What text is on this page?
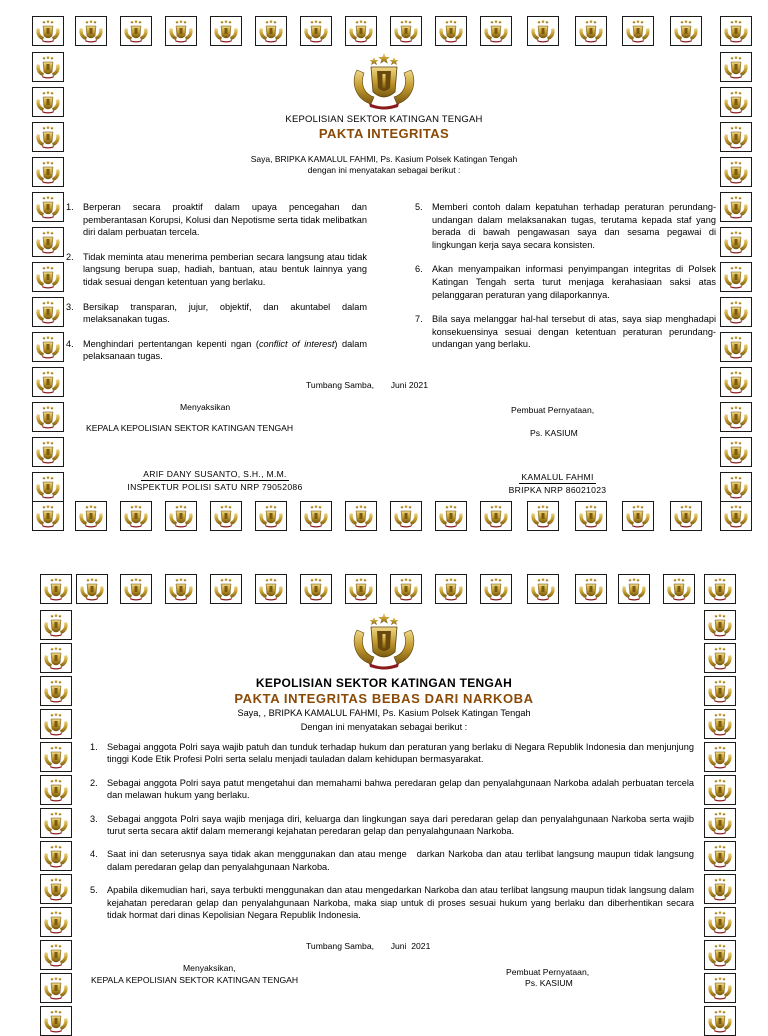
KEPOLISIAN SEKTOR KATINGAN TENGAH
PAKTA INTEGRITAS
Saya, BRIPKA KAMALUL FAHMI, Ps. Kasium Polsek Katingan Tengah
dengan ini menyatakan sebagai berikut :
1. Berperan secara proaktif dalam upaya pencegahan dan pemberantasan Korupsi, Kolusi dan Nepotisme serta tidak melibatkan diri dalam perbuatan tercela.
2. Tidak meminta atau menerima pemberian secara langsung atau tidak langsung berupa suap, hadiah, bantuan, atau bentuk lainnya yang tidak sesuai dengan ketentuan yang berlaku.
3. Bersikap transparan, jujur, objektif, dan akuntabel dalam melaksanakan tugas.
4. Menghindari pertentangan kepenti ngan (conflict of interest) dalam pelaksanaan tugas.
5. Memberi contoh dalam kepatuhan terhadap peraturan perundang-undangan dalam melaksanakan tugas, terutama kepada staf yang berada di bawah pengawasan saya dan sesama pegawai di lingkungan kerja saya secara konsisten.
6. Akan menyampaikan informasi penyimpangan integritas di Polsek Katingan Tengah serta turut menjaga kerahasiaan saksi atas pelanggaran peraturan yang dilaporkannya.
7. Bila saya melanggar hal-hal tersebut di atas, saya siap menghadapi konsekuensinya sesuai dengan ketentuan peraturan perundang-undangan yang berlaku.
Tumbang Samba,       Juni 2021
Menyaksikan
KEPALA KEPOLISIAN SEKTOR KATINGAN TENGAH
ARIF DANY SUSANTO, S.H., M.M.
INSPEKTUR POLISI SATU NRP 79052086
Pembuat Pernyataan,
Ps. KASIUM
KAMALUL FAHMI
BRIPKA NRP 86021023
KEPOLISIAN SEKTOR KATINGAN TENGAH
PAKTA INTEGRITAS BEBAS DARI NARKOBA
Saya, , BRIPKA KAMALUL FAHMI, Ps. Kasium Polsek Katingan Tengah
Dengan ini menyatakan sebagai berikut :
1. Sebagai anggota Polri saya wajib patuh dan tunduk terhadap hukum dan peraturan yang berlaku di Negara Republik Indonesia dan menjunjung tinggi Kode Etik Profesi Polri serta selalu menjadi tauladan dalam kehidupan bermasyarakat.
2. Sebagai anggota Polri saya patut mengetahui dan memahami bahwa peredaran gelap dan penyalahgunaan Narkoba adalah perbuatan tercela dan melawan hukum yang berlaku.
3. Sebagai anggota Polri saya wajib menjaga diri, keluarga dan lingkungan saya dari peredaran gelap dan penyalahgunaan Narkoba serta wajib turut serta secara aktif dalam memerangi kejahatan peredaran gelap dan penyalahgunaan Narkoba.
4. Saat ini dan seterusnya saya tidak akan menggunakan dan atau menge   darkan Narkoba dan atau terlibat langsung maupun tidak langsung dalam peredaran gelap dan penyalahgunaan Narkoba.
5. Apabila dikemudian hari, saya terbukti menggunakan dan atau mengedarkan Narkoba dan atau terlibat langsung maupun tidak langsung dalam kejahatan peredaran gelap dan penyalahgunaan Narkoba, maka siap untuk di proses sesuai hukum yang berlaku dan diberhentikan secara tidak hormat dari dinas Kepolisian Negara Republik Indonesia.
Tumbang Samba,       Juni  2021
Menyaksikan,
KEPALA KEPOLISIAN SEKTOR KATINGAN TENGAH
Pembuat Pernyataan,
Ps. KASIUM
